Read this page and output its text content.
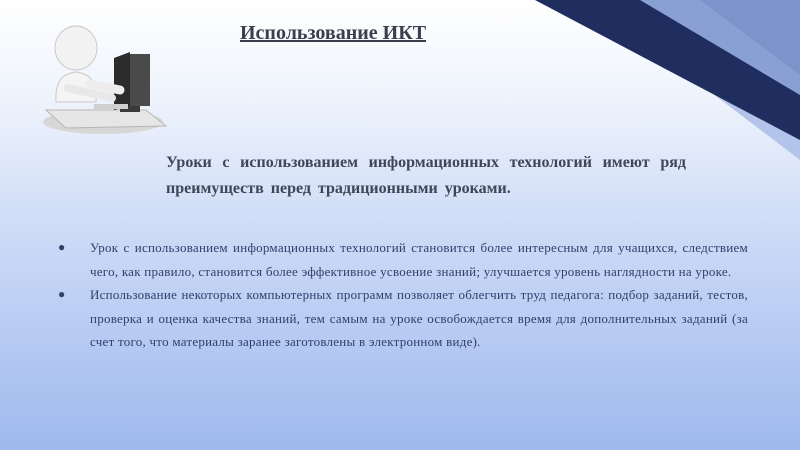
Использование ИКТ

Уроки с использованием информационных технологий имеют ряд преимуществ перед традиционными уроками.

● Урок с использованием информационных технологий становится более интересным для учащихся, следствием чего, как правило, становится более эффективное усвоение знаний; улучшается уровень наглядности на уроке.
● Использование некоторых компьютерных программ позволяет облегчить труд педагога: подбор заданий, тестов, проверка и оценка качества знаний, тем самым на уроке освобождается время для дополнительных заданий (за счет того, что материалы заранее заготовлены в электронном виде).
